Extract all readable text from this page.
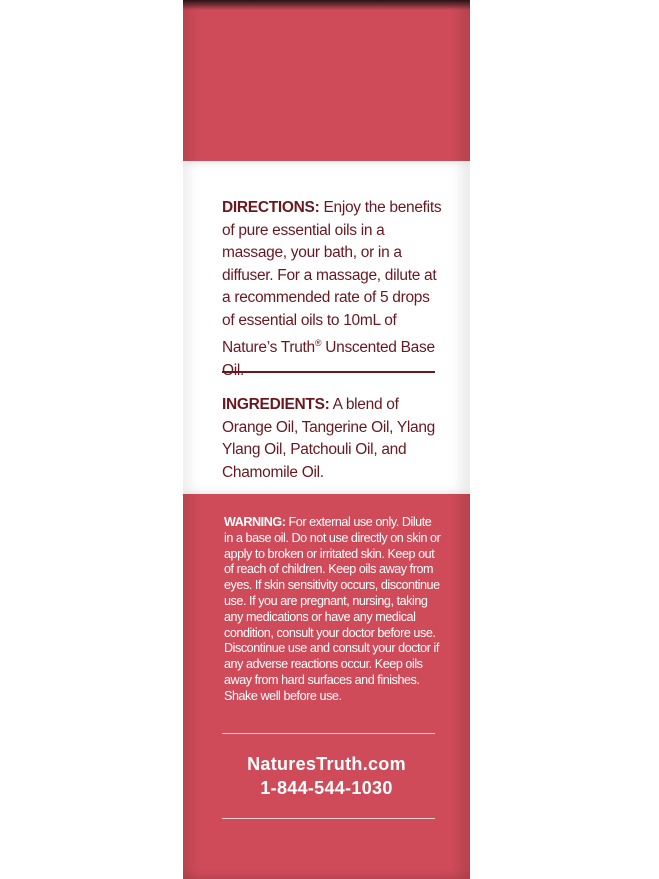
DIRECTIONS: Enjoy the benefits of pure essential oils in a massage, your bath, or in a diffuser. For a massage, dilute at a recommended rate of 5 drops of essential oils to 10mL of Nature’s Truth® Unscented Base
INGREDIENTS: A blend of Orange Oil, Tangerine Oil, Ylang Ylang Oil, Patchouli Oil, and Chamomile Oil.
WARNING: For external use only. Dilute in a base oil. Do not use directly on skin or apply to broken or irritated skin. Keep out of reach of children. Keep oils away from eyes. If skin sensitivity occurs, discontinue use. If you are pregnant, nursing, taking any medications or have any medical condition, consult your doctor before use. Discontinue use and consult your doctor if any adverse reactions occur. Keep oils away from hard surfaces and finishes. Shake well before use.
NaturesTruth.com
1-844-544-1030
